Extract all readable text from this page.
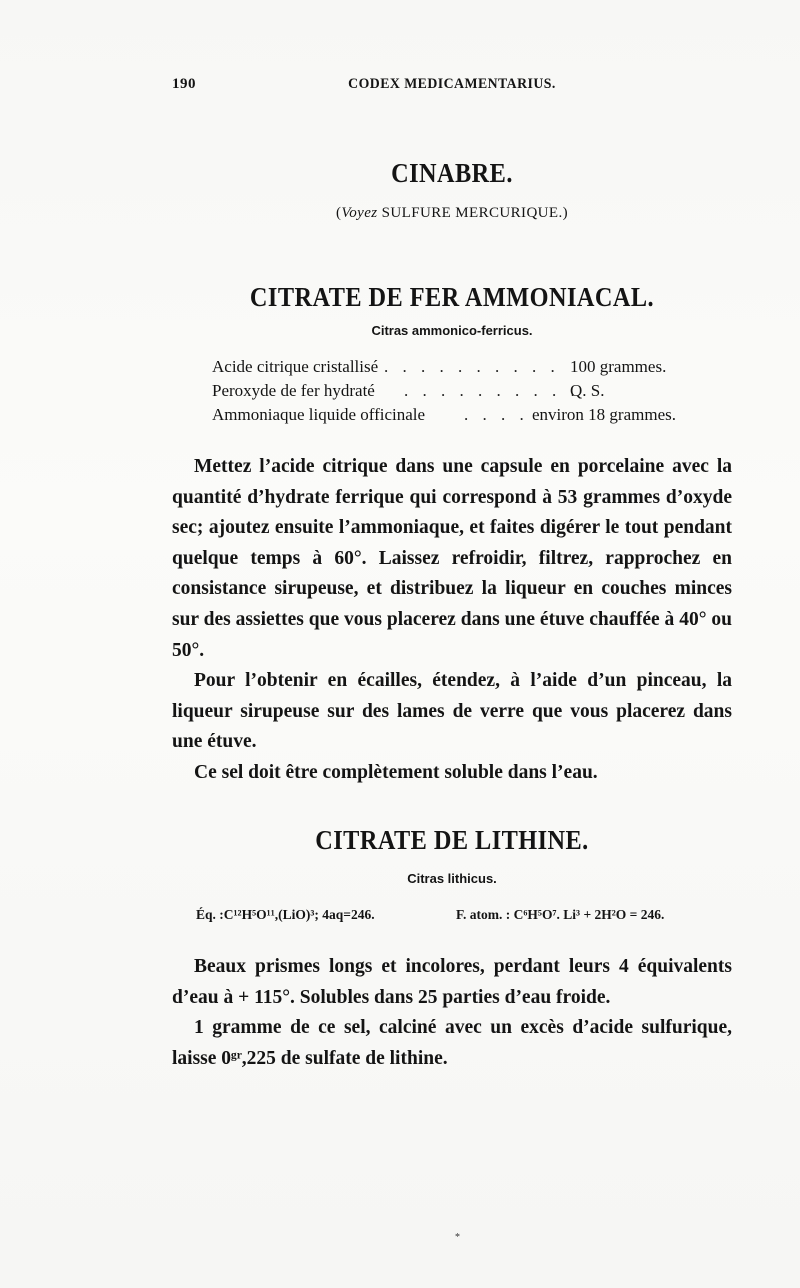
190	CODEX MEDICAMENTARIUS.
CINABRE.
(Voyez SULFURE MERCURIQUE.)
CITRATE DE FER AMMONIACAL.
Citras ammonico-ferricus.
Acide citrique cristallisé . . . . . . . . . . 100 grammes.
Peroxyde de fer hydraté . . . . . . . . . .
Q. S.
Ammoniaque liquide officinale . . . . environ 18 grammes.

Mettez l’acide citrique dans une capsule en porcelaine avec la quantité d’hydrate ferrique qui correspond à 53 grammes d’oxyde sec; ajoutez ensuite l’ammoniaque, et faites digérer le tout pendant quelque temps à 60°. Laissez refroidir, filtrez, rapprochez en consistance sirupeuse, et distribuez la liqueur en couches minces sur des assiettes que vous placerez dans une étuve chauffée à 40° ou 50°.

Pour l’obtenir en écailles, étendez, à l’aide d’un pinceau, la liqueur sirupeuse sur des lames de verre que vous placerez dans une étuve.

Ce sel doit être complètement soluble dans l’eau.

CITRATE DE LITHINE.
Citras lithicus.
Éq. :C¹²H⁵O¹¹,(LiO)³; 4aq=246.	F. atom. : C⁶H⁵O⁷. Li³ + 2H²O = 246.

Beaux prismes longs et incolores, perdant leurs 4 équivalents d’eau à + 115°. Solubles dans 25 parties d’eau froide.

1 gramme de ce sel, calciné avec un excès d’acide sulfurique, laisse 0ᵍʳ,225 de sulfate de lithine.

*
